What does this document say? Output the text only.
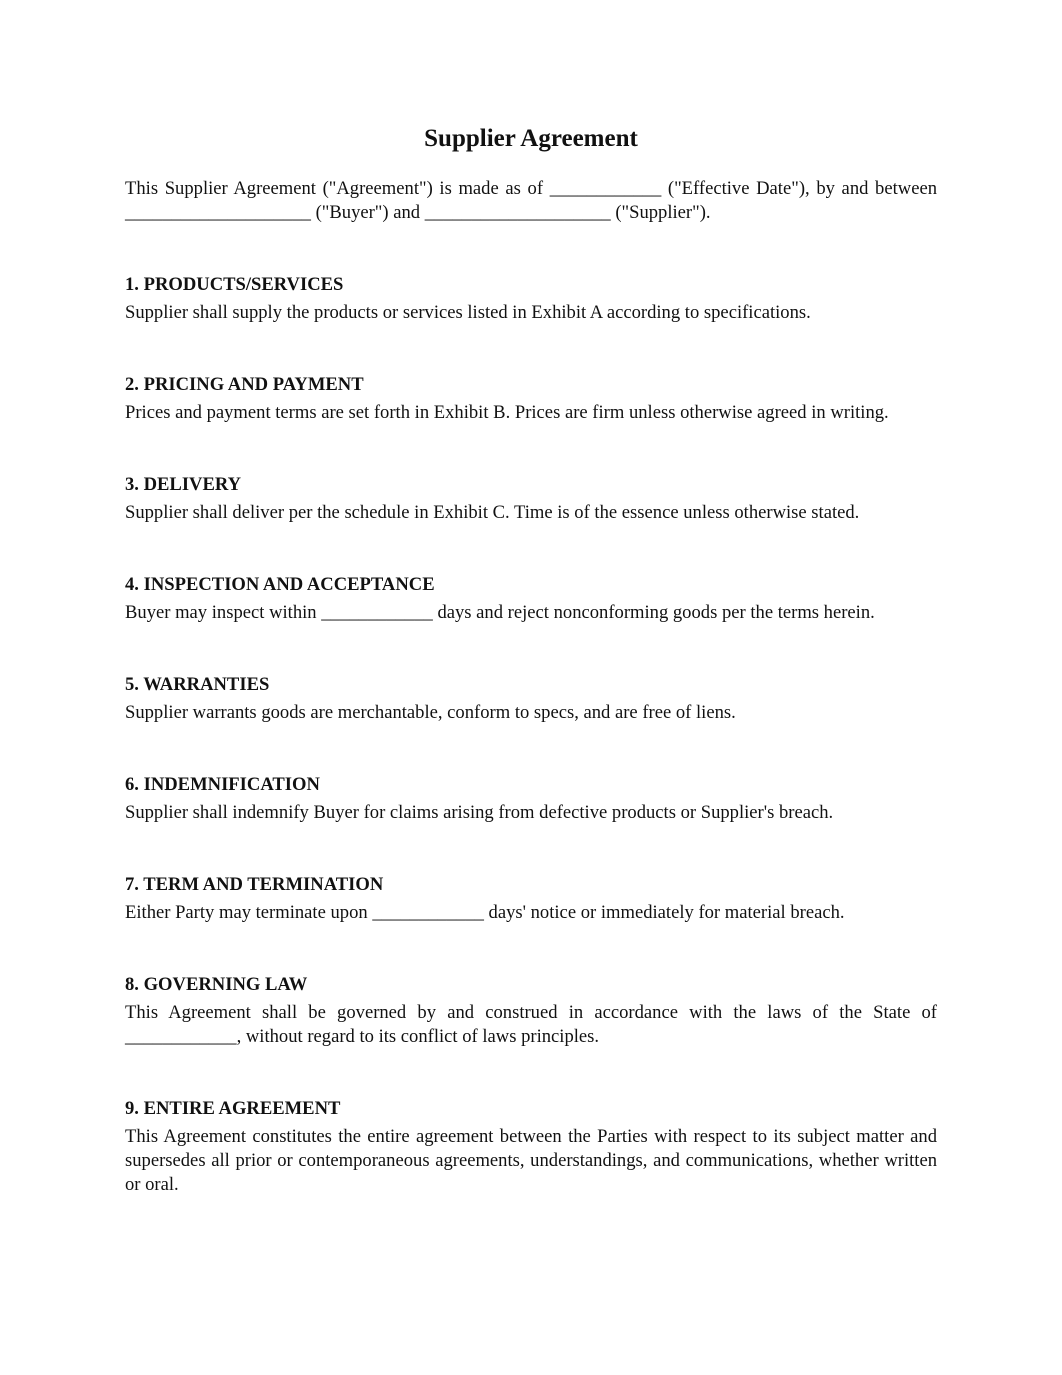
Supplier Agreement

This Supplier Agreement ("Agreement") is made as of ____________ ("Effective Date"), by and between ____________________ ("Buyer") and ____________________ ("Supplier").

1. PRODUCTS/SERVICES

Supplier shall supply the products or services listed in Exhibit A according to specifications.

2. PRICING AND PAYMENT

Prices and payment terms are set forth in Exhibit B. Prices are firm unless otherwise agreed in writing.

3. DELIVERY

Supplier shall deliver per the schedule in Exhibit C. Time is of the essence unless otherwise stated.

4. INSPECTION AND ACCEPTANCE

Buyer may inspect within ____________ days and reject nonconforming goods per the terms herein.

5. WARRANTIES

Supplier warrants goods are merchantable, conform to specs, and are free of liens.

6. INDEMNIFICATION

Supplier shall indemnify Buyer for claims arising from defective products or Supplier's breach.

7. TERM AND TERMINATION

Either Party may terminate upon ____________ days' notice or immediately for material breach.

8. GOVERNING LAW

This Agreement shall be governed by and construed in accordance with the laws of the State of ____________, without regard to its conflict of laws principles.

9. ENTIRE AGREEMENT

This Agreement constitutes the entire agreement between the Parties with respect to its subject matter and supersedes all prior or contemporaneous agreements, understandings, and communications, whether written or oral.
